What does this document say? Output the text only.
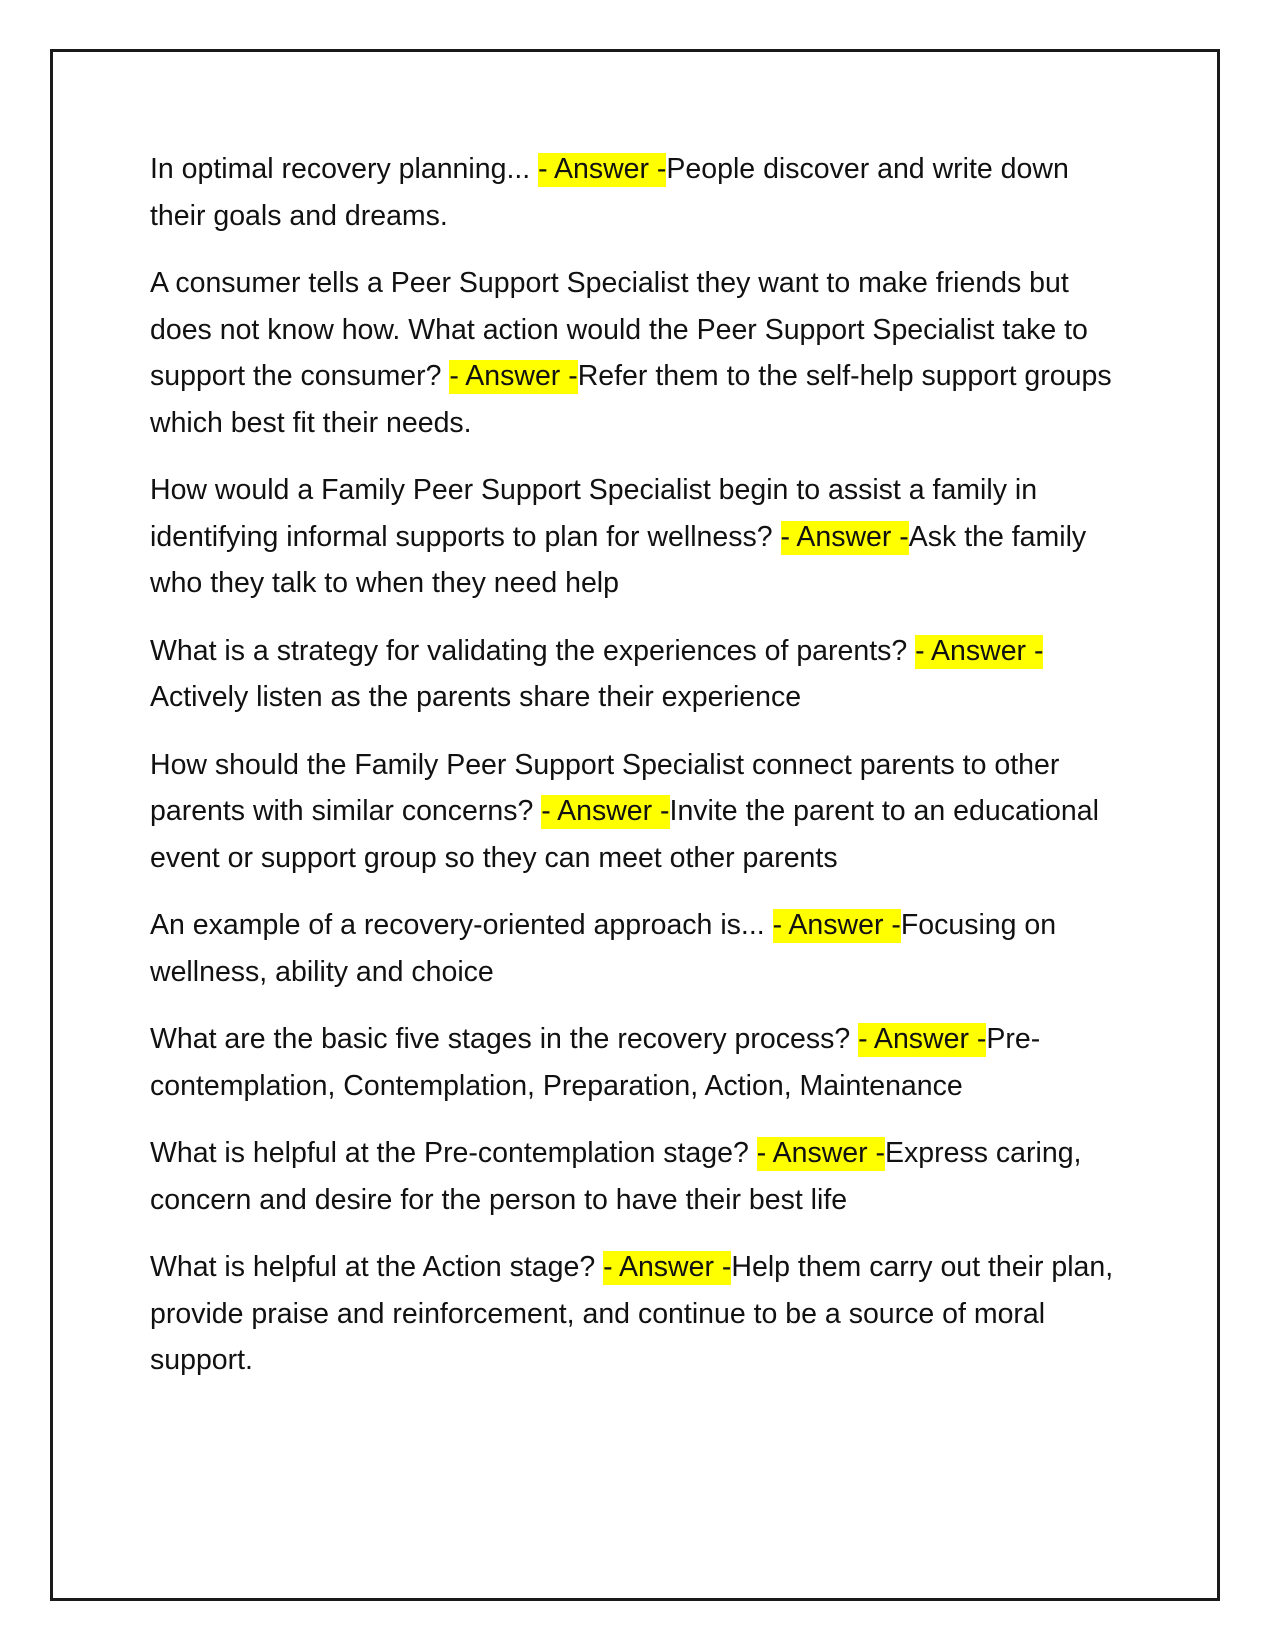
In optimal recovery planning... - Answer -People discover and write down their goals and dreams.

A consumer tells a Peer Support Specialist they want to make friends but does not know how. What action would the Peer Support Specialist take to support the consumer? - Answer -Refer them to the self-help support groups which best fit their needs.

How would a Family Peer Support Specialist begin to assist a family in identifying informal supports to plan for wellness? - Answer -Ask the family who they talk to when they need help

What is a strategy for validating the experiences of parents? - Answer -Actively listen as the parents share their experience

How should the Family Peer Support Specialist connect parents to other parents with similar concerns? - Answer -Invite the parent to an educational event or support group so they can meet other parents

An example of a recovery-oriented approach is... - Answer -Focusing on wellness, ability and choice

What are the basic five stages in the recovery process? - Answer -Pre-contemplation, Contemplation, Preparation, Action, Maintenance

What is helpful at the Pre-contemplation stage? - Answer -Express caring, concern and desire for the person to have their best life

What is helpful at the Action stage? - Answer -Help them carry out their plan, provide praise and reinforcement, and continue to be a source of moral support.
